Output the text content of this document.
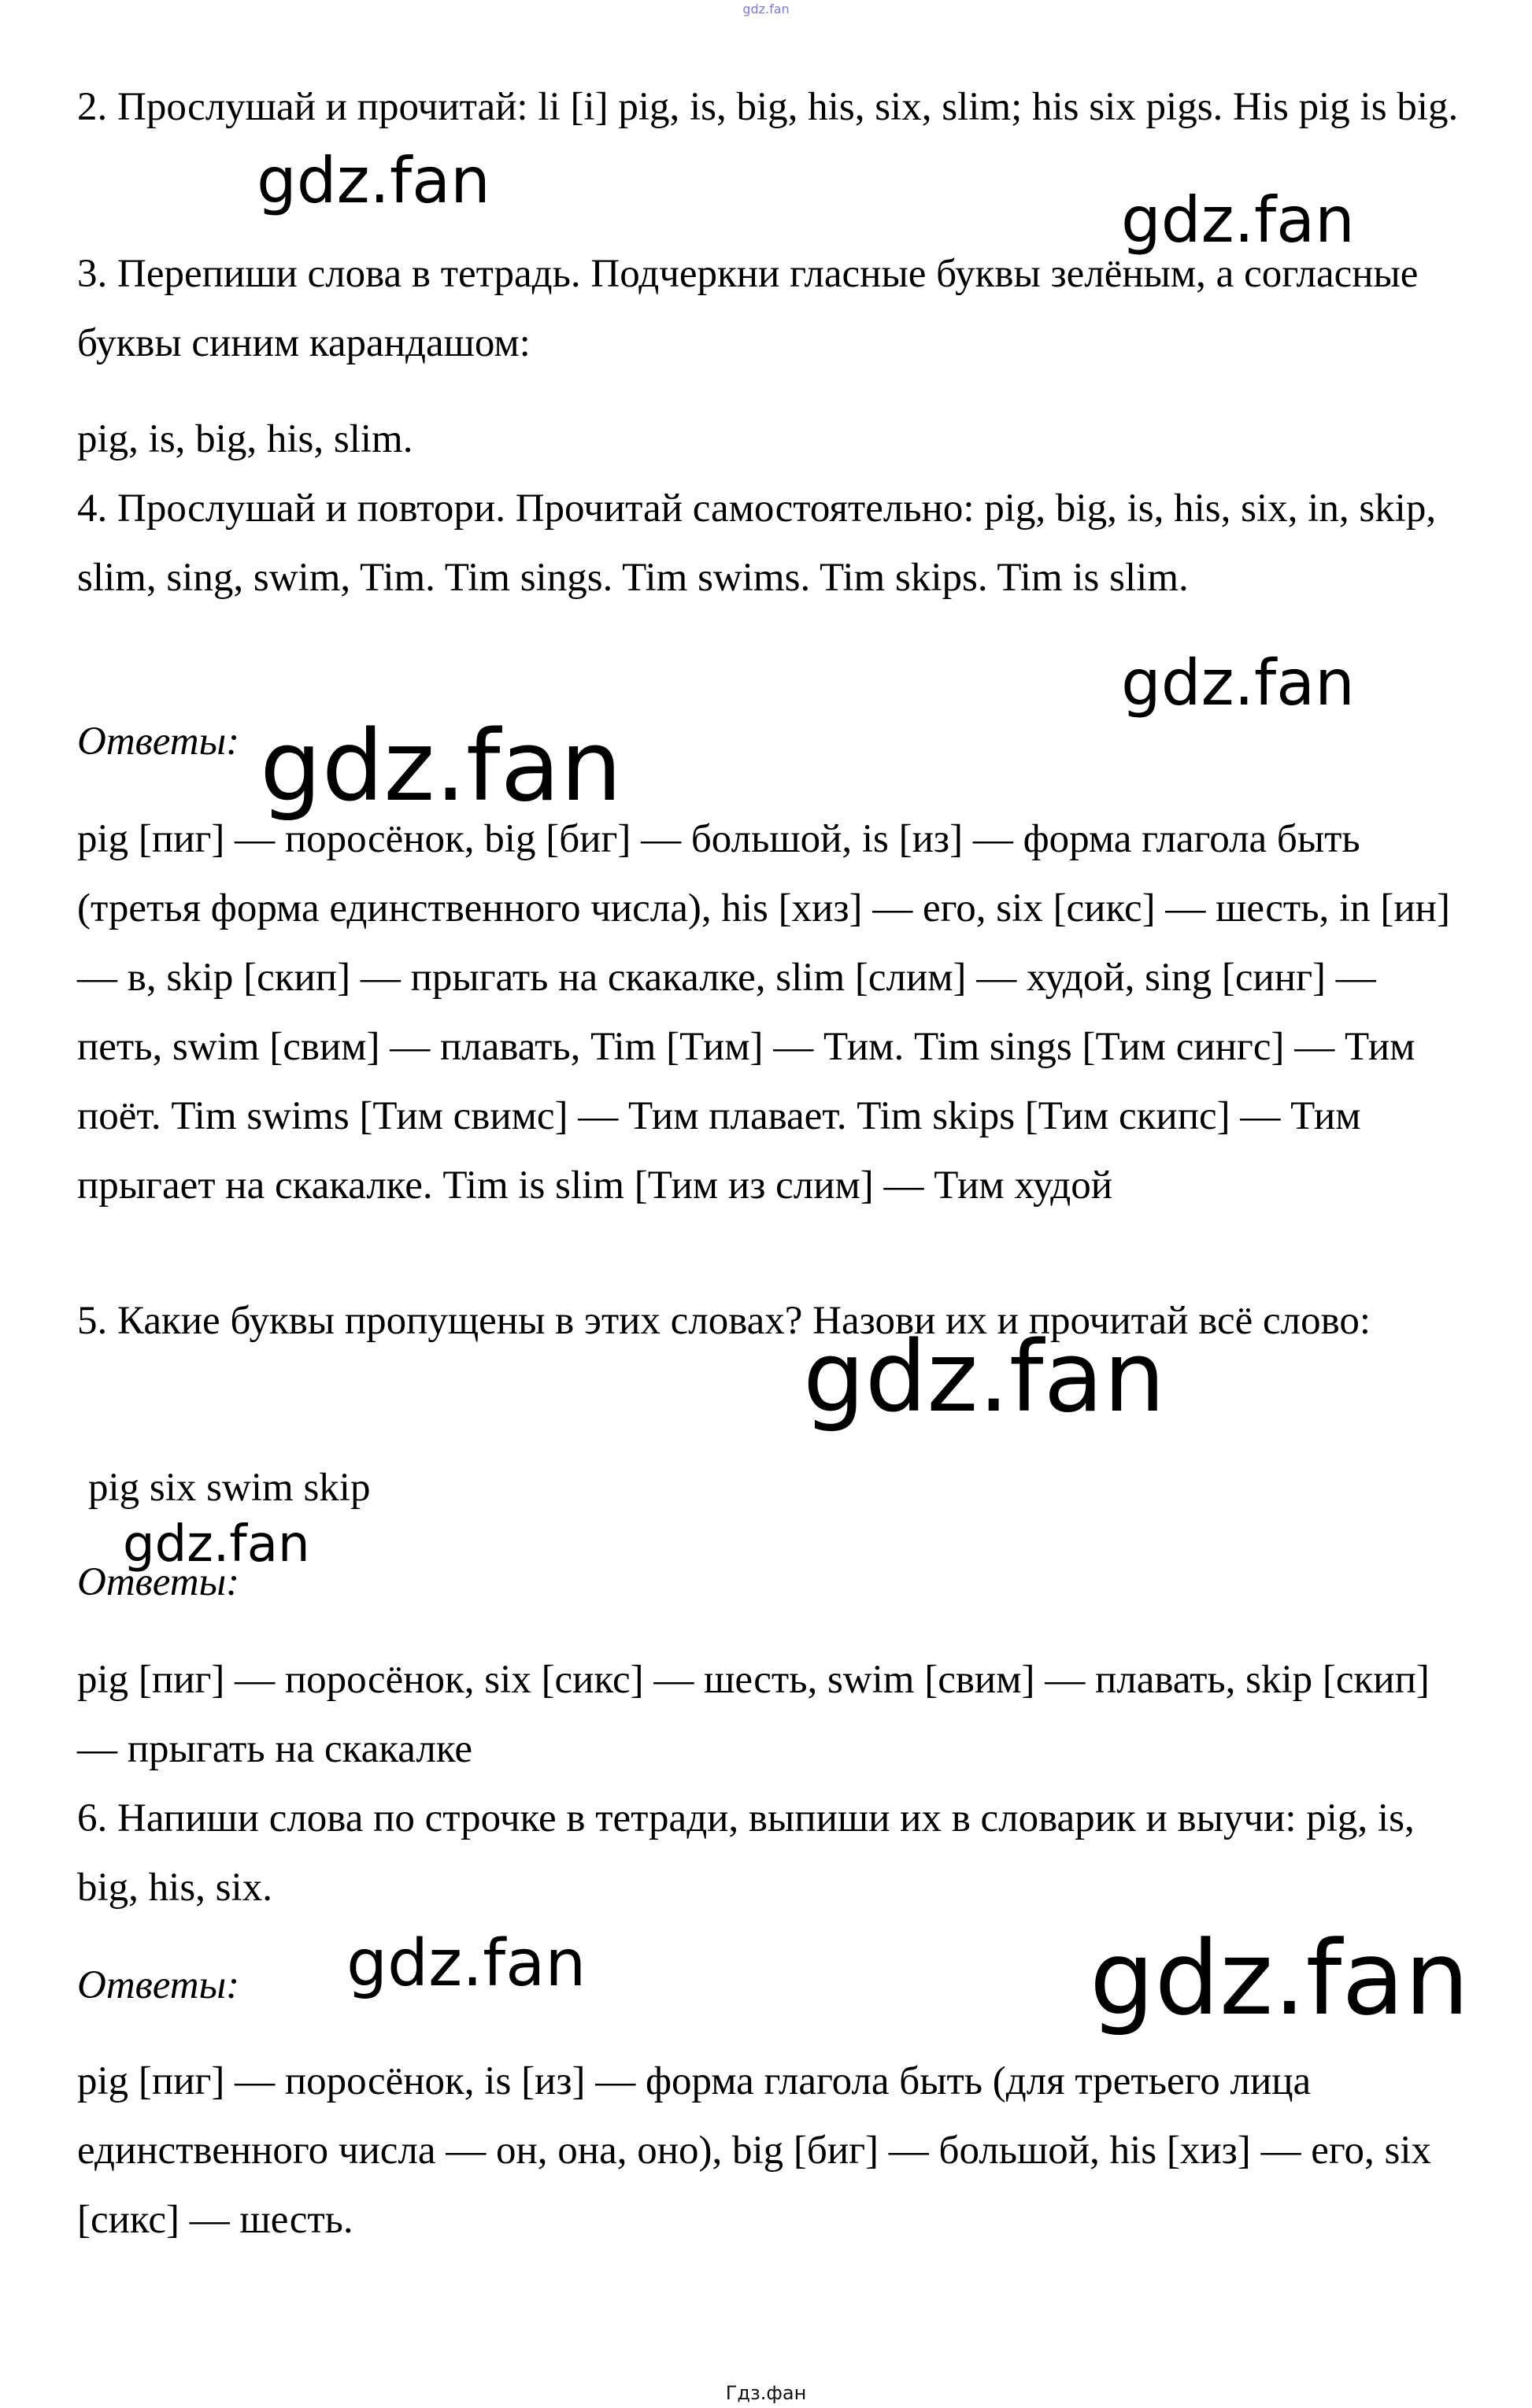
gdz.fan
2. Прослушай и прочитай: li [i] pig, is, big, his, six, slim; his six pigs. His pig is big.
3. Перепиши слова в тетрадь. Подчеркни гласные буквы зелёным, а согласные буквы синим карандашом:
pig, is, big, his, slim.
4. Прослушай и повтори. Прочитай самостоятельно: pig, big, is, his, six, in, skip, slim, sing, swim, Tim. Tim sings. Tim swims. Tim skips. Tim is slim.
Ответы:
pig [пиг] — поросёнок, big [биг] — большой, is [из] — форма глагола быть (третья форма единственного числа), his [хиз] — его, six [сикс] — шесть, in [ин] — в, skip [скип] — прыгать на скакалке, slim [слим] — худой, sing [синг] — петь, swim [свим] — плавать, Tim [Тим] — Тим. Tim sings [Тим сингс] — Тим поёт. Tim swims [Тим свимс] — Тим плавает. Tim skips [Тим скипс] — Тим прыгает на скакалке. Tim is slim [Тим из слим] — Тим худой
5. Какие буквы пропущены в этих словах? Назови их и прочитай всё слово:
pig six swim skip
Ответы:
pig [пиг] — поросёнок, six [сикс] — шесть, swim [свим] — плавать, skip [скип] — прыгать на скакалке
6. Напиши слова по строчке в тетради, выпиши их в словарик и выучи: pig, is, big, his, six.
Ответы:
pig [пиг] — поросёнок, is [из] — форма глагола быть (для третьего лица единственного числа — он, она, оно), big [биг] — большой, his [хиз] — его, six [сикс] — шесть.
gdz.fan
gdz.fan
gdz.fan
gdz.fan
gdz.fan
gdz.fan
gdz.fan	gdz.fan
Гдз.фан
